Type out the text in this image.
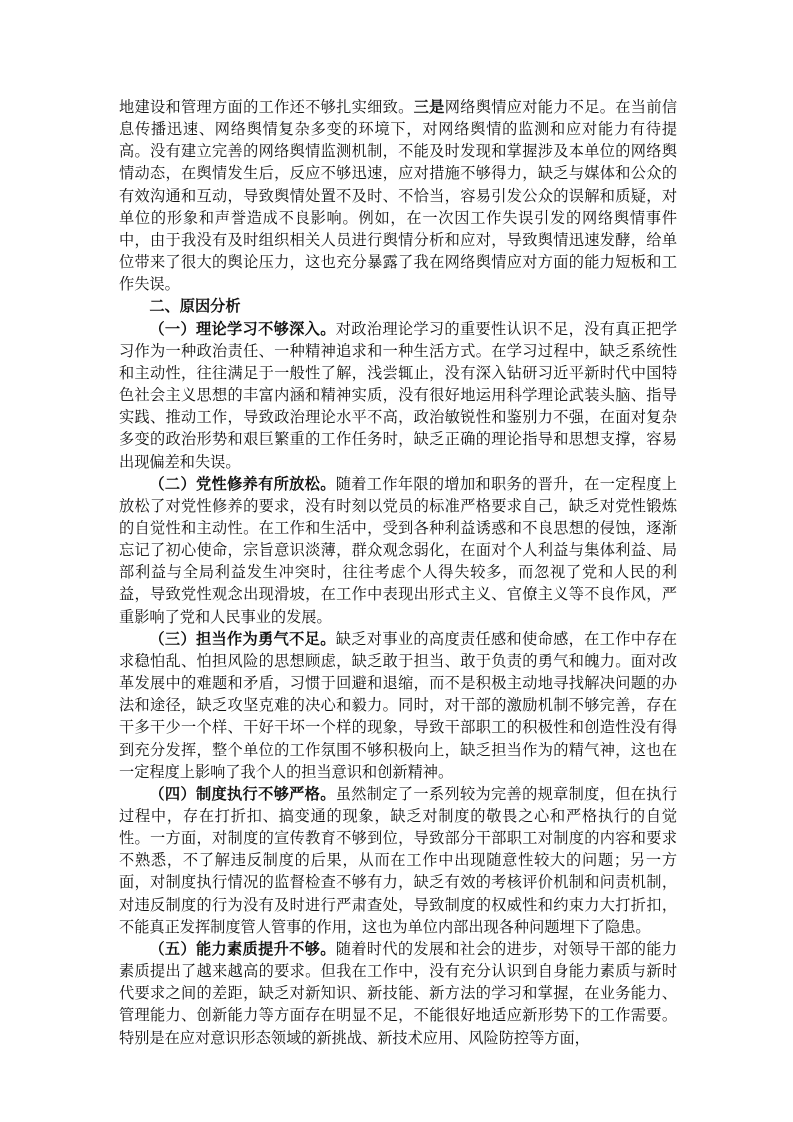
地建设和管理方面的工作还不够扎实细致。三是网络舆情应对能力不足。在当前信息传播迅速、网络舆情复杂多变的环境下，对网络舆情的监测和应对能力有待提高。没有建立完善的网络舆情监测机制，不能及时发现和掌握涉及本单位的网络舆情动态，在舆情发生后，反应不够迅速，应对措施不够得力，缺乏与媒体和公众的有效沟通和互动，导致舆情处置不及时、不恰当，容易引发公众的误解和质疑，对单位的形象和声誉造成不良影响。例如，在一次因工作失误引发的网络舆情事件中，由于我没有及时组织相关人员进行舆情分析和应对，导致舆情迅速发酵，给单位带来了很大的舆论压力，这也充分暴露了我在网络舆情应对方面的能力短板和工作失误。

二、原因分析

（一）理论学习不够深入。对政治理论学习的重要性认识不足，没有真正把学习作为一种政治责任、一种精神追求和一种生活方式。在学习过程中，缺乏系统性和主动性，往往满足于一般性了解，浅尝辄止，没有深入钻研习近平新时代中国特色社会主义思想的丰富内涵和精神实质，没有很好地运用科学理论武装头脑、指导实践、推动工作，导致政治理论水平不高，政治敏锐性和鉴别力不强，在面对复杂多变的政治形势和艰巨繁重的工作任务时，缺乏正确的理论指导和思想支撑，容易出现偏差和失误。

（二）党性修养有所放松。随着工作年限的增加和职务的晋升，在一定程度上放松了对党性修养的要求，没有时刻以党员的标准严格要求自己，缺乏对党性锻炼的自觉性和主动性。在工作和生活中，受到各种利益诱惑和不良思想的侵蚀，逐渐忘记了初心使命，宗旨意识淡薄，群众观念弱化，在面对个人利益与集体利益、局部利益与全局利益发生冲突时，往往考虑个人得失较多，而忽视了党和人民的利益，导致党性观念出现滑坡，在工作中表现出形式主义、官僚主义等不良作风，严重影响了党和人民事业的发展。

（三）担当作为勇气不足。缺乏对事业的高度责任感和使命感，在工作中存在求稳怕乱、怕担风险的思想顾虑，缺乏敢于担当、敢于负责的勇气和魄力。面对改革发展中的难题和矛盾，习惯于回避和退缩，而不是积极主动地寻找解决问题的办法和途径，缺乏攻坚克难的决心和毅力。同时，对干部的激励机制不够完善，存在干多干少一个样、干好干坏一个样的现象，导致干部职工的积极性和创造性没有得到充分发挥，整个单位的工作氛围不够积极向上，缺乏担当作为的精气神，这也在一定程度上影响了我个人的担当意识和创新精神。

（四）制度执行不够严格。虽然制定了一系列较为完善的规章制度，但在执行过程中，存在打折扣、搞变通的现象，缺乏对制度的敬畏之心和严格执行的自觉性。一方面，对制度的宣传教育不够到位，导致部分干部职工对制度的内容和要求不熟悉，不了解违反制度的后果，从而在工作中出现随意性较大的问题；另一方面，对制度执行情况的监督检查不够有力，缺乏有效的考核评价机制和问责机制，对违反制度的行为没有及时进行严肃查处，导致制度的权威性和约束力大打折扣，不能真正发挥制度管人管事的作用，这也为单位内部出现各种问题埋下了隐患。

（五）能力素质提升不够。随着时代的发展和社会的进步，对领导干部的能力素质提出了越来越高的要求。但我在工作中，没有充分认识到自身能力素质与新时代要求之间的差距，缺乏对新知识、新技能、新方法的学习和掌握，在业务能力、管理能力、创新能力等方面存在明显不足，不能很好地适应新形势下的工作需要。特别是在应对意识形态领域的新挑战、新技术应用、风险防控等方面，
